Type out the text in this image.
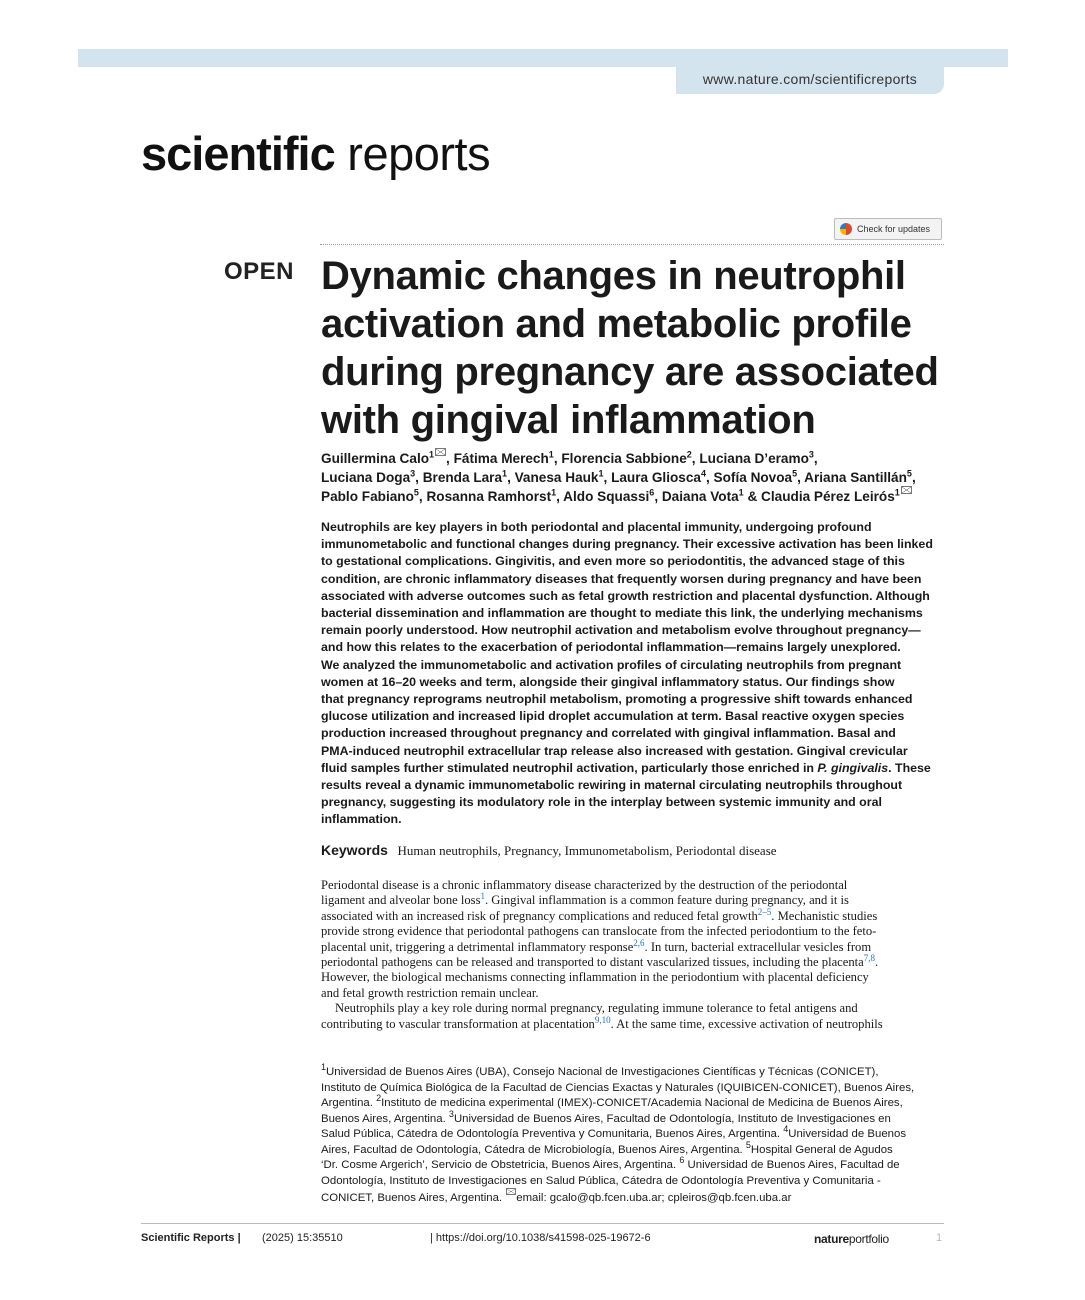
www.nature.com/scientificreports
scientific reports
Check for updates
OPEN Dynamic changes in neutrophil activation and metabolic profile during pregnancy are associated with gingival inflammation

Guillermina Calo$^1$ , Fátima Merech$^1$, Florencia Sabbione$^2$, Luciana D’eramo$^3$,
Luciana Doga$^3$, Brenda Lara$^1$, Vanesa Hauk$^1$, Laura Gliosca$^4$, Sofía Novoa$^5$, Ariana Santillán$^5$,
Pablo Fabiano$^5$, Rosanna Ramhorst$^1$, Aldo Squassi$^6$, Daiana Vota$^1$ & Claudia Pérez Leirós$^1$

Neutrophils are key players in both periodontal and placental immunity, undergoing profound
immunometabolic and functional changes during pregnancy. Their excessive activation has been linked
to gestational complications. Gingivitis, and even more so periodontitis, the advanced stage of this
condition, are chronic inflammatory diseases that frequently worsen during pregnancy and have been
associated with adverse outcomes such as fetal growth restriction and placental dysfunction. Although
bacterial dissemination and inflammation are thought to mediate this link, the underlying mechanisms
remain poorly understood. How neutrophil activation and metabolism evolve throughout pregnancy—
and how this relates to the exacerbation of periodontal inflammation—remains largely unexplored.
We analyzed the immunometabolic and activation profiles of circulating neutrophils from pregnant
women at 16–20 weeks and term, alongside their gingival inflammatory status. Our findings show
that pregnancy reprograms neutrophil metabolism, promoting a progressive shift towards enhanced
glucose utilization and increased lipid droplet accumulation at term. Basal reactive oxygen species
production increased throughout pregnancy and correlated with gingival inflammation. Basal and
PMA-induced neutrophil extracellular trap release also increased with gestation. Gingival crevicular
fluid samples further stimulated neutrophil activation, particularly those enriched in P. gingivalis. These
results reveal a dynamic immunometabolic rewiring in maternal circulating neutrophils throughout
pregnancy, suggesting its modulatory role in the interplay between systemic immunity and oral
inflammation.

Keywords Human neutrophils, Pregnancy, Immunometabolism, Periodontal disease

Periodontal disease is a chronic inflammatory disease characterized by the destruction of the periodontal
ligament and alveolar bone loss$^1$. Gingival inflammation is a common feature during pregnancy, and it is
associated with an increased risk of pregnancy complications and reduced fetal growth$^{2-5}$. Mechanistic studies
provide strong evidence that periodontal pathogens can translocate from the infected periodontium to the feto-
placental unit, triggering a detrimental inflammatory response$^{2,6}$. In turn, bacterial extracellular vesicles from
periodontal pathogens can be released and transported to distant vascularized tissues, including the placenta$^{7,8}$.
However, the biological mechanisms connecting inflammation in the periodontium with placental deficiency
and fetal growth restriction remain unclear.
Neutrophils play a key role during normal pregnancy, regulating immune tolerance to fetal antigens and
contributing to vascular transformation at placentation$^{9,10}$. At the same time, excessive activation of neutrophils

$^1$Universidad de Buenos Aires (UBA), Consejo Nacional de Investigaciones Científicas y Técnicas (CONICET),
Instituto de Química Biológica de la Facultad de Ciencias Exactas y Naturales (IQUIBICEN-CONICET), Buenos Aires,
Argentina. $^2$Instituto de medicina experimental (IMEX)-CONICET/Academia Nacional de Medicina de Buenos Aires,
Buenos Aires, Argentina. $^3$Universidad de Buenos Aires, Facultad de Odontología, Instituto de Investigaciones en
Salud Pública, Cátedra de Odontología Preventiva y Comunitaria, Buenos Aires, Argentina. $^4$Universidad de Buenos
Aires, Facultad de Odontología, Cátedra de Microbiología, Buenos Aires, Argentina. $^5$Hospital General de Agudos
‘Dr. Cosme Argerich’, Servicio de Obstetricia, Buenos Aires, Argentina. $^6$ Universidad de Buenos Aires, Facultad de
Odontología, Instituto de Investigaciones en Salud Pública, Cátedra de Odontología Preventiva y Comunitaria -
CONICET, Buenos Aires, Argentina. email: gcalo@qb.fcen.uba.ar; cpleiros@qb.fcen.uba.ar

Scientific Reports | (2025) 15:35510	| https://doi.org/10.1038/s41598-025-19672-6	natureportfolio	1
